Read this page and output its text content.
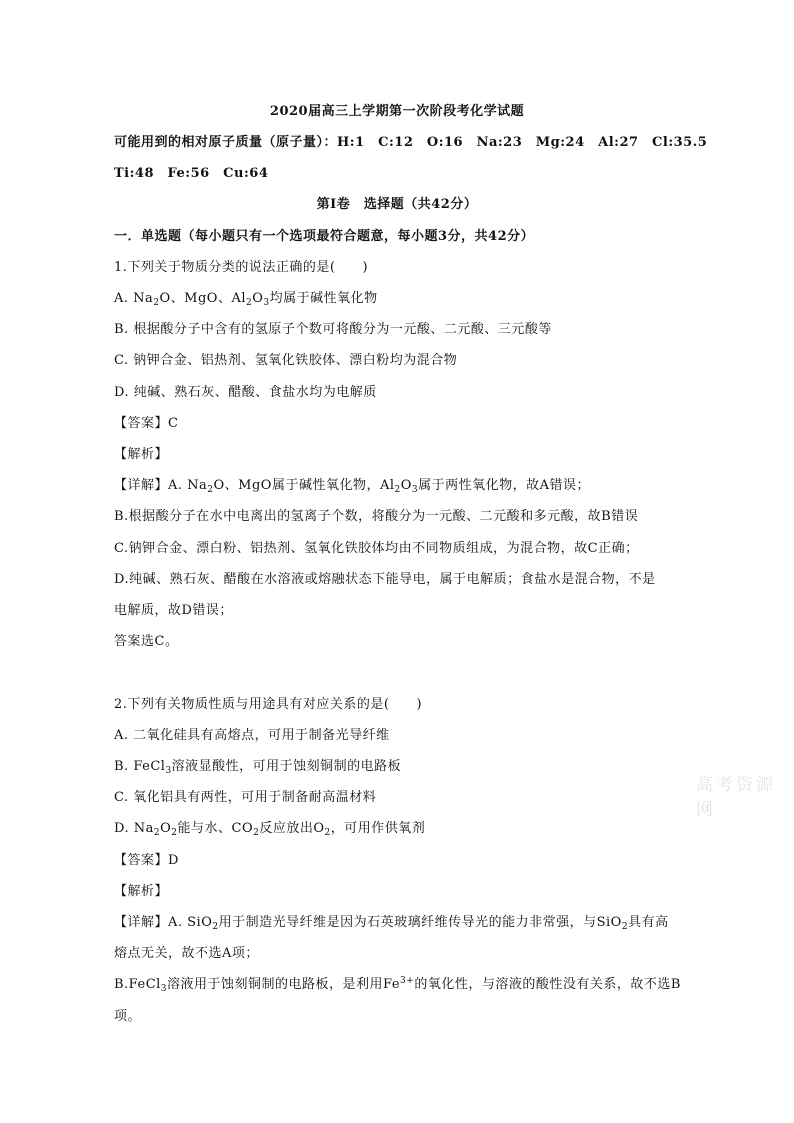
2020届高三上学期第一次阶段考化学试题
可能用到的相对原子质量（原子量）：H:1　C:12　O:16　Na:23　Mg:24　Al:27　Cl:35.5
Ti:48　Fe:56　Cu:64
第Ⅰ卷　选择题（共42分）
一．单选题（每小题只有一个选项最符合题意，每小题3分，共42分）
1.下列关于物质分类的说法正确的是(　　)
A. $Na_2O$、MgO、$Al_2O_3$均属于碱性氧化物
B. 根据酸分子中含有的氢原子个数可将酸分为一元酸、二元酸、三元酸等
C. 钠钾合金、铝热剂、氢氧化铁胶体、漂白粉均为混合物
D. 纯碱、熟石灰、醋酸、食盐水均为电解质
【答案】C
【解析】
【详解】A. $Na_2O$、MgO属于碱性氧化物，$Al_2O_3$属于两性氧化物，故A错误；
B.根据酸分子在水中电离出的氢离子个数，将酸分为一元酸、二元酸和多元酸，故B错误
C.钠钾合金、漂白粉、铝热剂、氢氧化铁胶体均由不同物质组成，为混合物，故C正确；
D.纯碱、熟石灰、醋酸在水溶液或熔融状态下能导电，属于电解质；食盐水是混合物，不是
电解质，故D错误；
答案选C。
2.下列有关物质性质与用途具有对应关系的是(　　)
A. 二氧化硅具有高熔点，可用于制备光导纤维
B. FeCl$_3$溶液显酸性，可用于蚀刻铜制的电路板
C. 氧化铝具有两性，可用于制备耐高温材料
D. $Na_2O_2$能与水、$CO_2$反应放出$O_2$，可用作供氧剂
【答案】D
【解析】
【详解】A. SiO$_2$用于制造光导纤维是因为石英玻璃纤维传导光的能力非常强，与SiO$_2$具有高
熔点无关，故不选A项；
B.FeCl$_3$溶液用于蚀刻铜制的电路板，是利用$Fe^{3+}$的氧化性，与溶液的酸性没有关系，故不选B
项。
高考资源网
